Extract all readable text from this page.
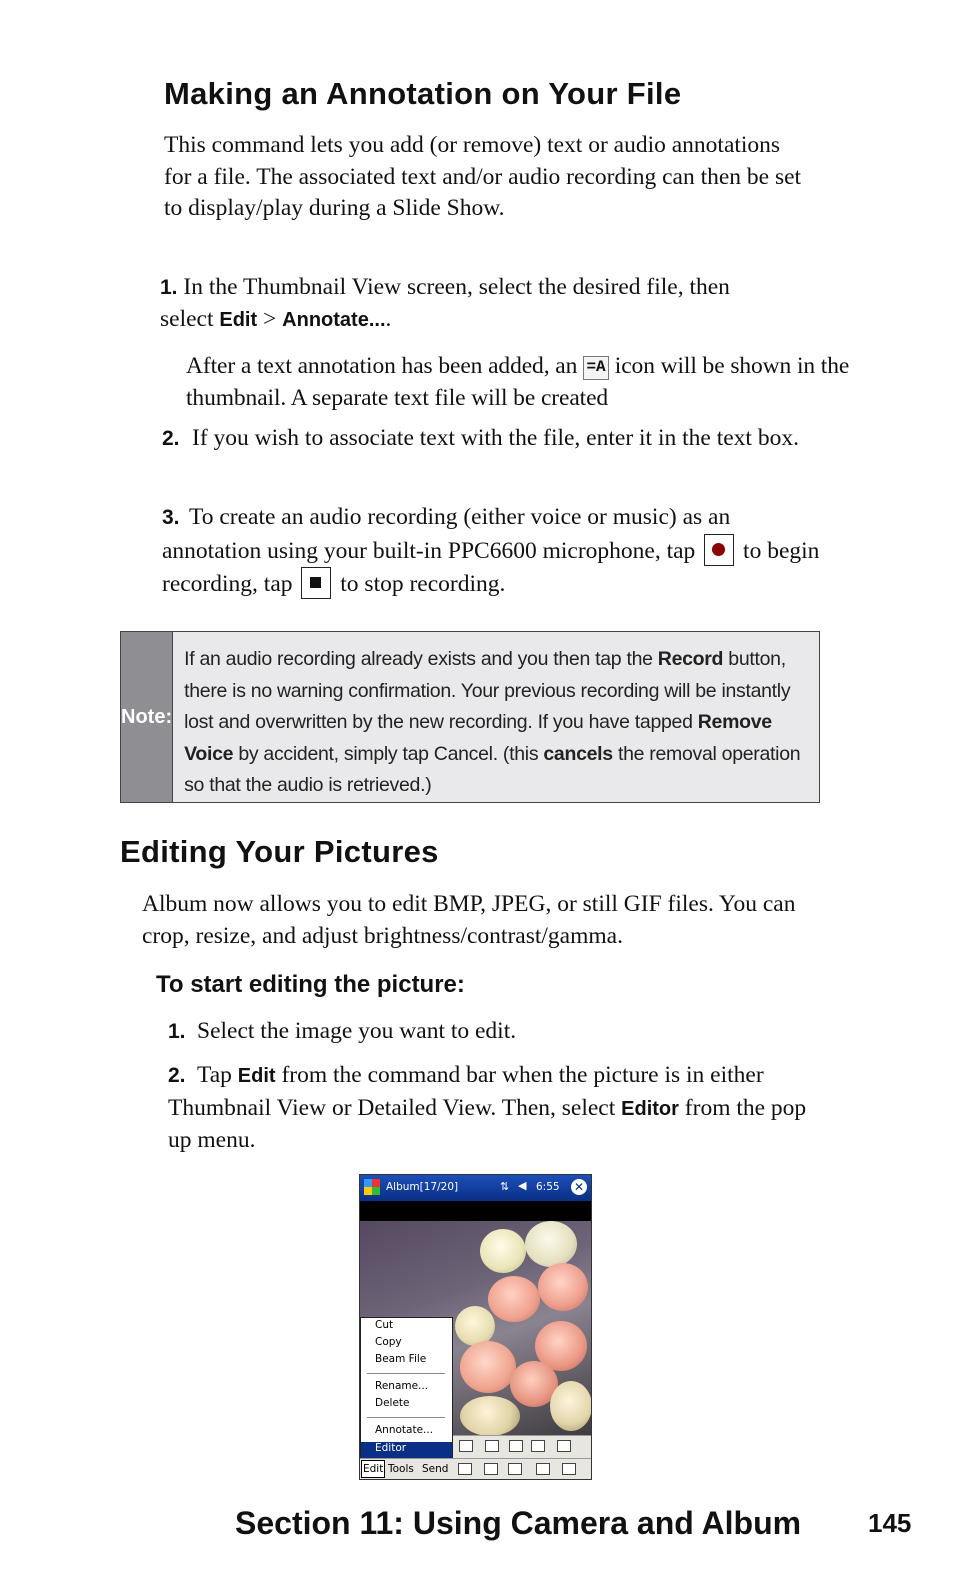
Making an Annotation on Your File

This command lets you add (or remove) text or audio annotations for a file. The associated text and/or audio recording can then be set to display/play during a Slide Show.

1. In the Thumbnail View screen, select the desired file, then select Edit > Annotate....

After a text annotation has been added, an =A icon will be shown in the thumbnail. A separate text file will be created

2. If you wish to associate text with the file, enter it in the text box.

3. To create an audio recording (either voice or music) as an annotation using your built-in PPC6600 microphone, tap
to begin recording, tap
to stop recording.

Note:
If an audio recording already exists and you then tap the Record button, there is no warning confirmation. Your previous recording will be instantly lost and overwritten by the new recording. If you have tapped Remove Voice by accident, simply tap Cancel. (this cancels the removal operation so that the audio is retrieved.)
Editing Your Pictures

Album now allows you to edit BMP, JPEG, or still GIF files. You can crop, resize, and adjust brightness/contrast/gamma.

To start editing the picture:

1. Select the image you want to edit.

2. Tap Edit from the command bar when the picture is in either Thumbnail View or Detailed View. Then, select Editor from the pop up menu.

Album[17/20]	⇅ ◀ 6:55 ✕
Cut
Copy
Beam File
Rename...
Delete
Annotate...
Editor
Edit Tools Send
Section 11: Using Camera and Album	145
